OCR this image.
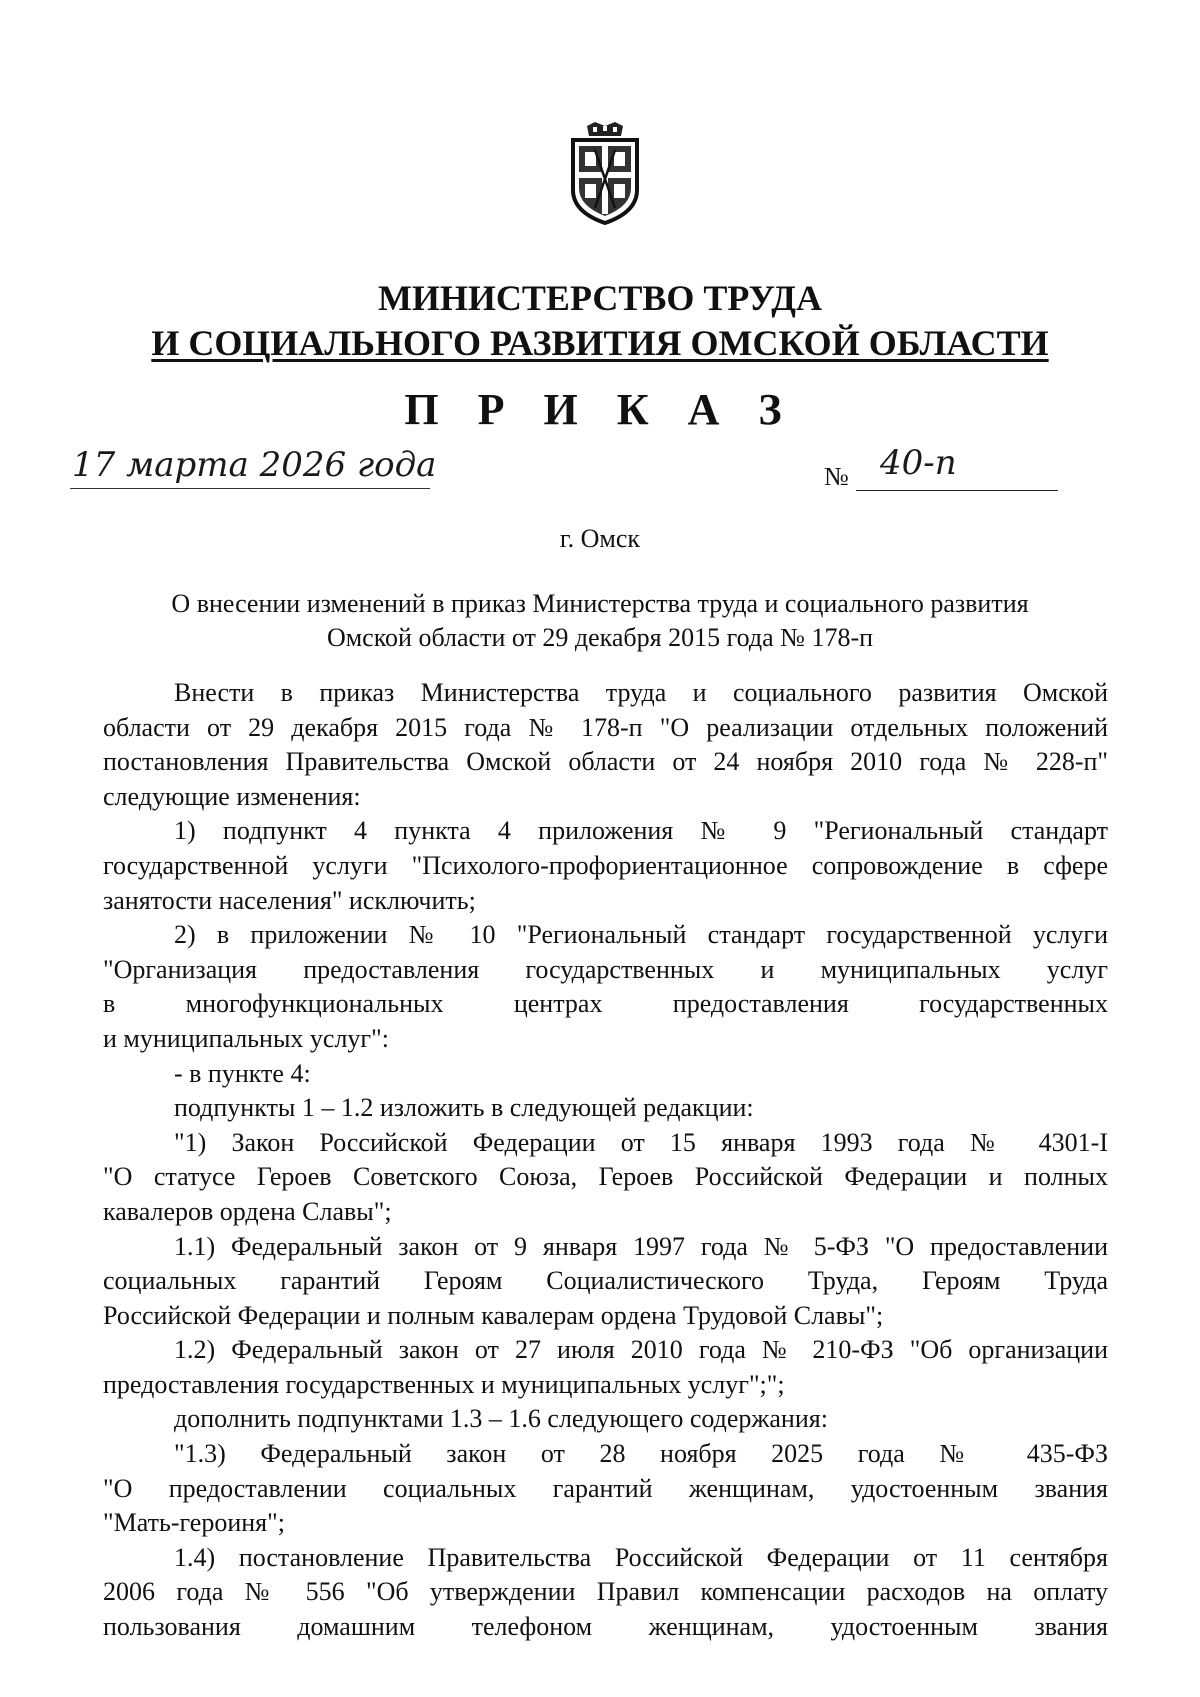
МИНИСТЕРСТВО ТРУДА
И СОЦИАЛЬНОГО РАЗВИТИЯ ОМСКОЙ ОБЛАСТИ
П Р И К А З
17 марта 2026 года	№ 40-п
г. Омск
О внесении изменений в приказ Министерства труда и социального развития
Омской области от 29 декабря 2015 года № 178-п
Внести в приказ Министерства труда и социального развития Омской
области от 29 декабря 2015 года № 178-п "О реализации отдельных положений
постановления Правительства Омской области от 24 ноября 2010 года № 228-п"
следующие изменения:
1) подпункт 4 пункта 4 приложения № 9 "Региональный стандарт
государственной услуги "Психолого-профориентационное сопровождение в сфере
занятости населения" исключить;
2) в приложении № 10 "Региональный стандарт государственной услуги
"Организация предоставления государственных и муниципальных услуг
в многофункциональных центрах предоставления государственных
и муниципальных услуг":
- в пункте 4:
подпункты 1 – 1.2 изложить в следующей редакции:
"1) Закон Российской Федерации от 15 января 1993 года № 4301-I
"О статусе Героев Советского Союза, Героев Российской Федерации и полных
кавалеров ордена Славы";
1.1) Федеральный закон от 9 января 1997 года № 5-ФЗ "О предоставлении
социальных гарантий Героям Социалистического Труда, Героям Труда
Российской Федерации и полным кавалерам ордена Трудовой Славы";
1.2) Федеральный закон от 27 июля 2010 года № 210-ФЗ "Об организации
предоставления государственных и муниципальных услуг";";
дополнить подпунктами 1.3 – 1.6 следующего содержания:
"1.3) Федеральный закон от 28 ноября 2025 года № 435-ФЗ
"О предоставлении социальных гарантий женщинам, удостоенным звания
"Мать-героиня";
1.4) постановление Правительства Российской Федерации от 11 сентября
2006 года № 556 "Об утверждении Правил компенсации расходов на оплату
пользования домашним телефоном женщинам, удостоенным звания
